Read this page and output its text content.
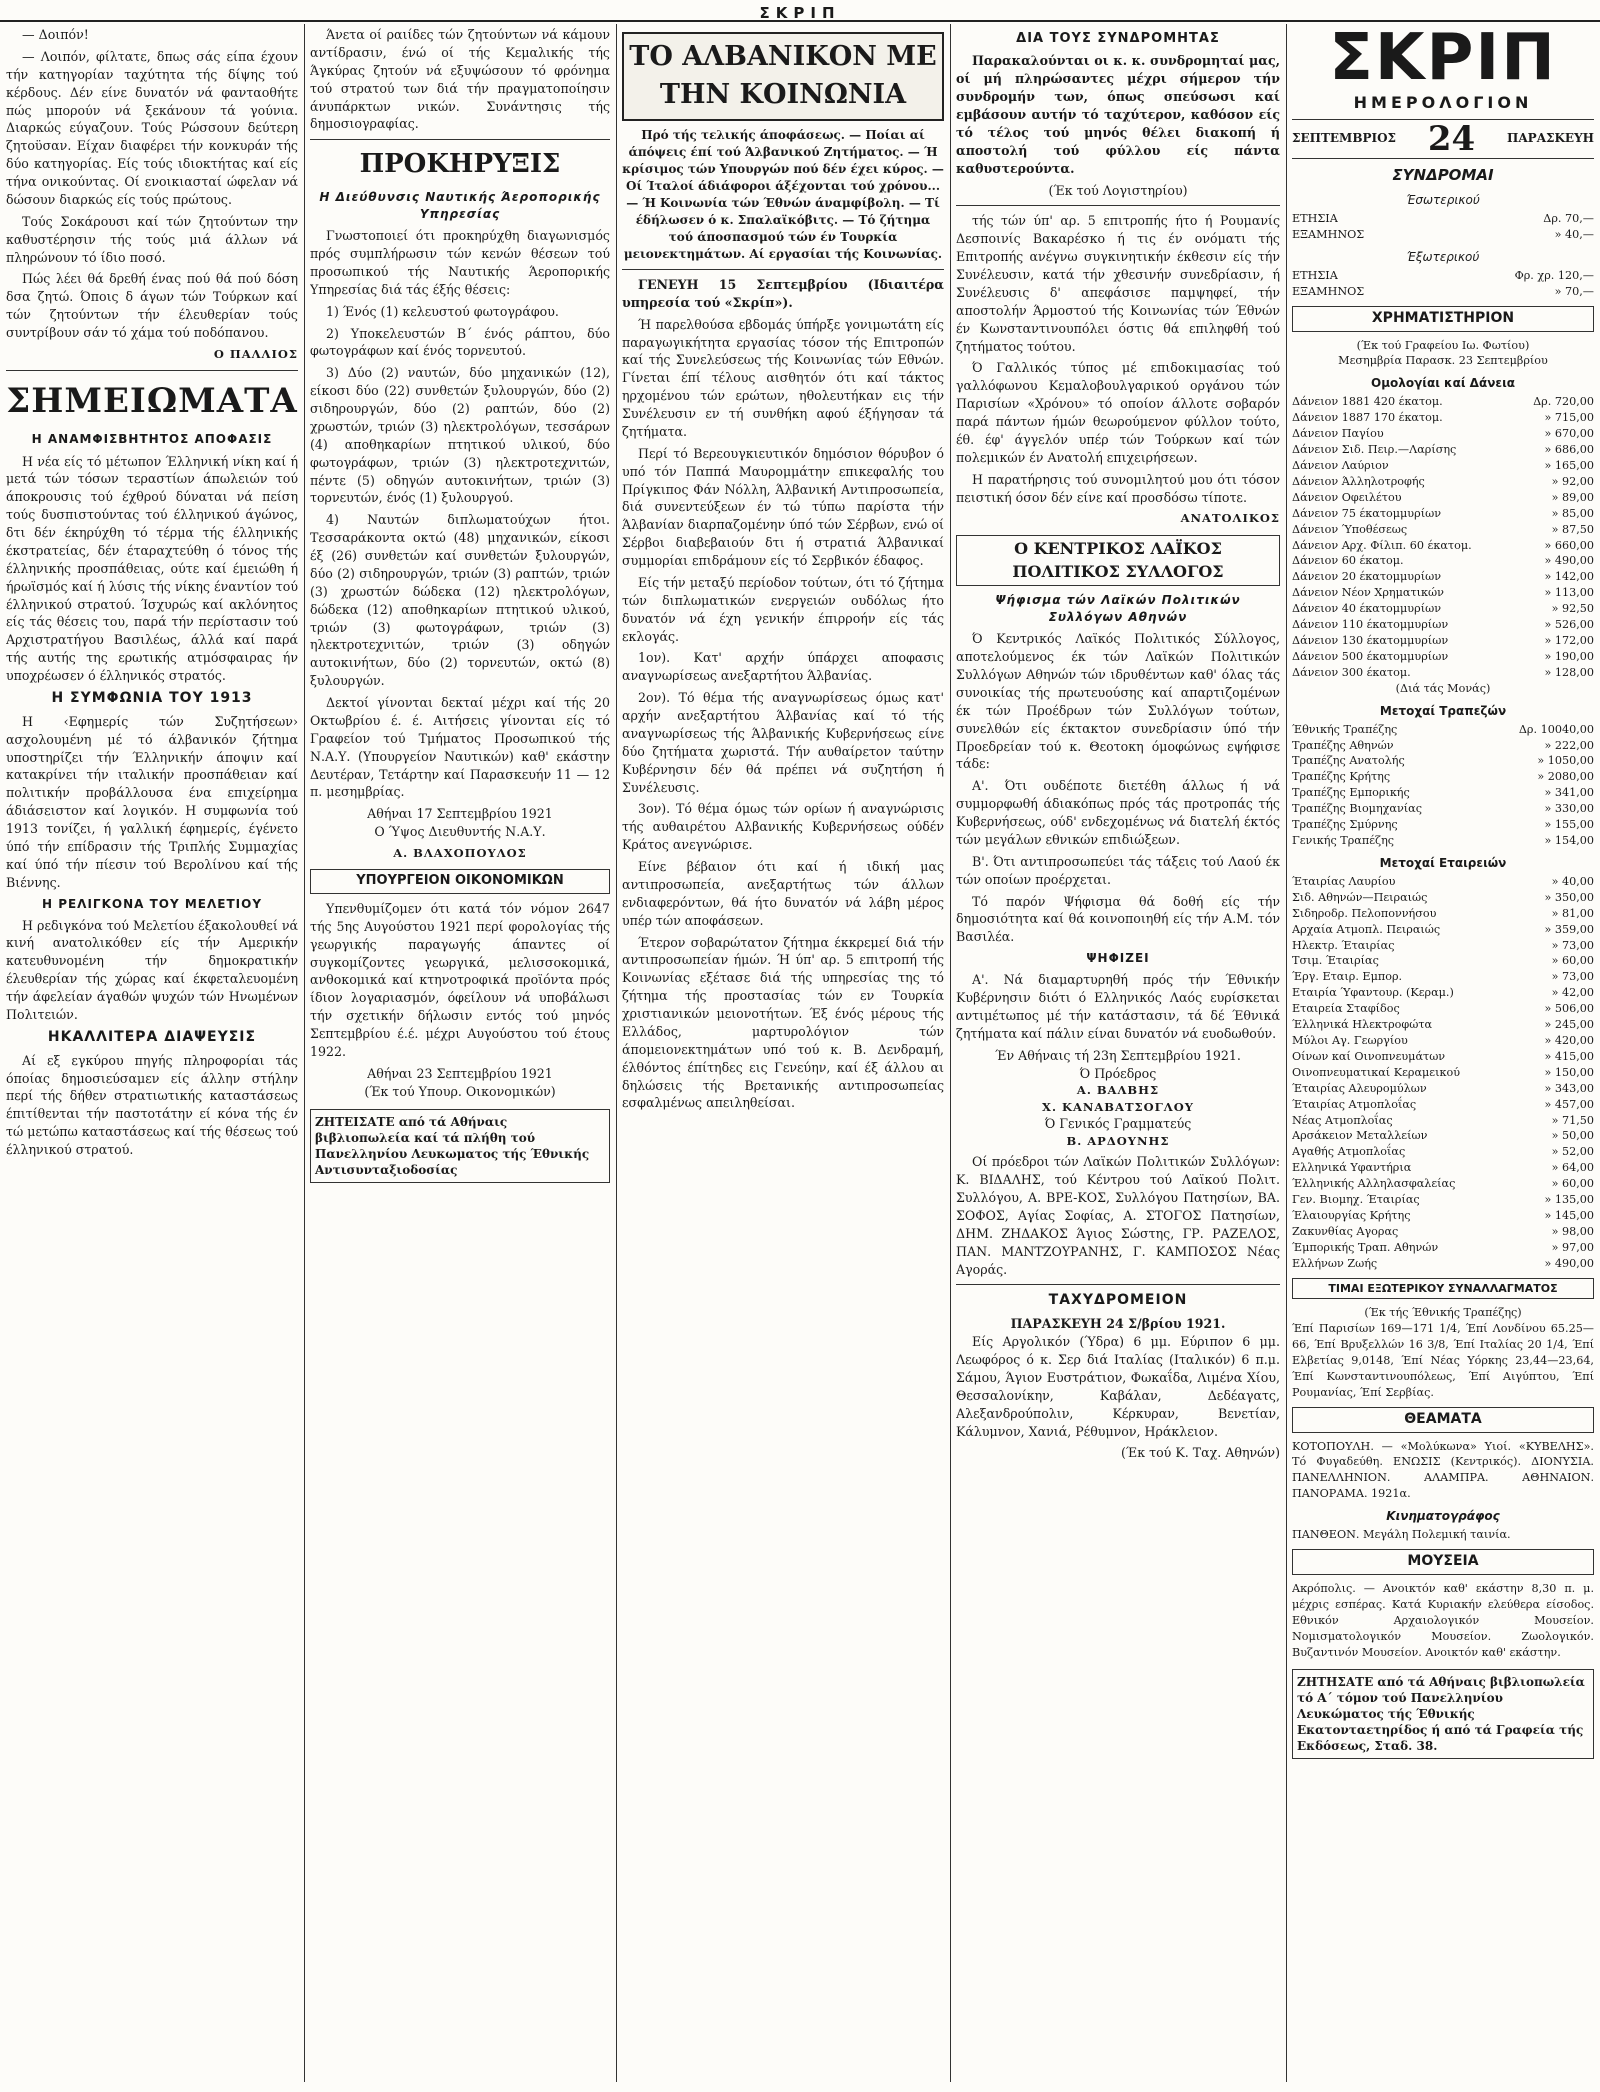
ΣΚΡΙΠ

— Δοιπόν!

— Λοιπόν, φίλτατε, δπως σάς είπα έχουν τήν κατηγορίαν ταχύτητα τής δίψης τού κέρδους. Δέν είνε δυνατόν νά φανταοθήτε πώς μπορούν νά ξεκάνουν τά γούνια. Διαρκώς εύγαζουν. Τούς Ρώσσουν δεύτερη ζητοϋσαν. Είχαν διαφέρει τήν κονκυράν τής δύο κατηγορίας. Είς τούς ιδιοκτήτας καί είς τήνα ονικούντας. Οί ενοικιασταί ώφελαν νά δώσουν διαρκώς είς τούς πρώτους.

Τούς Σοκάρουσι καί τών ζητούντων την καθυστέρησιν τής τούς μιά άλλων νά πληρώνουν τό ίδιο ποσό.

Πώς λέει θά δρεθή ένας πού θά πού δόση δσα ζητώ. Όποις δ άγων τών Τούρκων καί τών ζητούντων τήν έλευθερίαν τούς συντρίβουν σάν τό χάμα τού ποδόπανου.

Ο ΠΑΛΛΙΟΣ
ΣΗΜΕΙΩΜΑΤΑ
Η ΑΝΑΜΦΙΣΒΗΤΗΤΟΣ ΑΠΟΦΑΣΙΣ

Η νέα είς τό μέτωπον Έλληνική νίκη καί ή μετά τών τόσων τεραστίων άπωλειών τού άποκρουσις τού έχθρού δύναται νά πείση τούς δυσπιστούντας τού έλληνικού άγώνος, δτι δέν έκηρύχθη τό τέρμα τής έλληνικής έκστρατείας, δέν έταραχτεύθη ό τόνος τής έλληνικής προσπάθειας, ούτε καί έμειώθη ή ήρωϊσμός καί ή λύσις τής νίκης έναντίον τού έλληνικού στρατού. Ίσχυρώς καί ακλόνητος είς τάς θέσεις του, παρά τήν περίστασιν τού Αρχιστρατήγου Βασιλέως, άλλά καί παρά τής αυτής της ερωτικής ατμόσφαιρας ήν υποχρέωσεν ό έλληνικός στρατός.

Η ΣΥΜΦΩΝΙΑ ΤΟΥ 1913

Η ‹Εφημερίς τών Συζητήσεων› ασχολουμένη μέ τό άλβανικόν ζήτημα υποστηρίζει τήν Έλληνικήν άποψιν καί κατακρίνει τήν ιταλικήν προσπάθειαν καί πολιτικήν προβάλλουσα ένα επιχείρημα άδιάσειστον καί λογικόν. Η συμφωνία τού 1913 τονίζει, ή γαλλική έφημερίς, έγένετο ύπό τήν επίδρασιν τής Τριπλής Συμμαχίας καί ύπό τήν πίεσιν τού Βερολίνου καί τής Βιέννης.

Η ΡΕΛΙΓΚΟΝΑ ΤΟΥ ΜΕΛΕΤΙΟΥ

Η ρεδιγκόνα τού Μελετίου έξακολουθεί νά κινή ανατολικόθεν είς τήν Αμερικήν κατευθυνομένη τήν δημοκρατικήν έλευθερίαν τής χώρας καί έκφεταλευομένη τήν άφελείαν άγαθών ψυχών τών Ηνωμένων Πολιτειών.

ΗΚΑΛΛΙΤΕΡΑ ΔΙΑΨΕΥΣΙΣ

Αί εξ εγκύρου πηγής πληροφορίαι τάς όποίας δημοσιεύσαμεν είς άλλην στήλην περί τής δήθεν στρατιωτικής καταστάσεως έπιτίθενται τήν παστοτάτην εί κόνα τής έν τώ μετώπω καταστάσεως καί τής θέσεως τού έλληνικού στρατού.

Άνετα οί ραιίδες τών ζητούντων νά κάμουν αντίδρασιν, ένώ οί τής Κεμαλικής τής Άγκύρας ζητούν νά εξυψώσουν τό φρόνημα τού στρατού των διά τήν πραγματοποίησιν άνυπάρκτων νικών. Συνάντησις τής δημοσιογραφίας.

ΠΡΟΚΗΡΥΞΙΣ
Η Διεύθυνσις Ναυτικής Άεροπορικής Υπηρεσίας

Γνωστοποιεί ότι προκηρύχθη διαγωνισμός πρός συμπλήρωσιν τών κενών θέσεων τού προσωπικού τής Ναυτικής Άεροπορικής Υπηρεσίας διά τάς έξής θέσεις:

1) Ένός (1) κελευστού φωτογράφου.

2) Υποκελευστών Β΄ ένός ράπτου, δύο φωτογράφων καί ένός τορνευτού.

3) Δύο (2) ναυτών, δύο μηχανικών (12), είκοσι δύο (22) συνθετών ξυλουργών, δύο (2) σιδηρουργών, δύο (2) ραπτών, δύο (2) χρωστών, τριών (3) ηλεκτρολόγων, τεσσάρων (4) αποθηκαρίων πτητικού υλικού, δύο φωτογράφων, τριών (3) ηλεκτροτεχνιτών, πέντε (5) οδηγών αυτοκινήτων, τριών (3) τορνευτών, ένός (1) ξυλουργού.

4) Ναυτών διπλωματούχων ήτοι. Τεσσαράκοντα οκτώ (48) μηχανικών, είκοσι έξ (26) συνθετών καί συνθετών ξυλουργών, δύο (2) σιδηρουργών, τριών (3) ραπτών, τριών (3) χρωστών δώδεκα (12) ηλεκτρολόγων, δώδεκα (12) αποθηκαρίων πτητικού υλικού, τριών (3) φωτογράφων, τριών (3) ηλεκτροτεχνιτών, τριών (3) οδηγών αυτοκινήτων, δύο (2) τορνευτών, οκτώ (8) ξυλουργών.

Δεκτοί γίνονται δεκταί μέχρι καί τής 20 Οκτωβρίου έ. έ. Αιτήσεις γίνονται είς τό Γραφείον τού Τμήματος Προσωπικού τής Ν.Α.Υ. (Υπουργείον Ναυτικών) καθ' εκάστην Δευτέραν, Τετάρτην καί Παρασκευήν 11 — 12 π. μεσημβρίας.

Αθήναι 17 Σεπτεμβρίου 1921
Ο Ύψος Διευθυντής Ν.Α.Υ.
Α. ΒΛΑΧΟΠΟΥΛΟΣ
ΥΠΟΥΡΓΕΙΟΝ ΟΙΚΟΝΟΜΙΚΩΝ

Υπενθυμίζομεν ότι κατά τόν νόμον 2647 τής 5ης Αυγούστου 1921 περί φορολογίας τής γεωργικής παραγωγής άπαντες οί συγκομίζοντες γεωργικά, μελισσοκομικά, ανθοκομικά καί κτηνοτροφικά προϊόντα πρός ίδιον λογαριασμόν, όφείλουν νά υποβάλωσι τήν σχετικήν δήλωσιν εντός τού μηνός Σεπτεμβρίου έ.έ. μέχρι Αυγούστου τού έτους 1922.

Αθήναι 23 Σεπτεμβρίου 1921
(Έκ τού Υπουρ. Οικονομικών)
ΖΗΤΕΙΣΑΤΕ από τά Αθήναις βιβλιοπωλεία καί τά πλήθη τού Πανελληνίου Λευκωματος τής Έθνικής Αντισυνταξιοδοσίας
ΤΟ ΑΛΒΑΝΙΚΟΝ ΜΕ ΤΗΝ ΚΟΙΝΩΝΙΑ

Πρό τής τελικής άποφάσεως. — Ποίαι αί άπόψεις έπί τού Άλβανικού Ζητήματος. — Ή κρίσιμος τών Υπουργών πού δέν έχει κύρος. — Οί Ίταλοί άδιάφοροι άξέχονται τού χρόνου... — Ή Κοινωνία τών Έθνών άναμφίβολη. — Τί έδήλωσεν ό κ. Σπαλαϊκόβιτς. — Τό ζήτημα τού άποσπασμού τών έν Τουρκία μειονεκτημάτων. Αί εργασίαι τής Κοινωνίας.

ΓΕΝΕΥΗ 15 Σεπτεμβρίου (Ιδιαιτέρα υπηρεσία τού «Σκρίπ»).

Ή παρελθούσα εβδομάς ύπήρξε γονιμωτάτη είς παραγωγικήτητα εργασίας τόσον τής Επιτροπών καί τής Συνελεύσεως τής Κοινωνίας τών Εθνών. Γίνεται έπί τέλους αισθητόν ότι καί τάκτος ηρχομένου τών ερώτων, ηθολευτήκαν εις τήν Συνέλευσιν εν τή συνθήκη αφού έξήγησαν τά ζητήματα.

Περί τό Βερεουγκιευτικόν δημόσιον θόρυβον ό υπό τόν Παππά Μαυρομμάτην επικεφαλής του Πρίγκιπος Φάν Νόλλη, Άλβανική Αντιπροσωπεία, διά συνεντεύξεων έν τώ τύπω παρίστα τήν Άλβανίαν διαρπαζομένην ύπό τών Σέρβων, ενώ οί Σέρβοι διαβεβαιούν δτι ή στρατιά Άλβανικαί συμμορίαι επιδράμουν είς τό Σερβικόν έδαφος.

Είς τήν μεταξύ περίοδον τούτων, ότι τό ζήτημα τών διπλωματικών ενεργειών ουδόλως ήτο δυνατόν νά έχη γενικήν έπιρροήν είς τάς εκλογάς.

1ον). Κατ' αρχήν ύπάρχει αποφασις αναγνωρίσεως ανεξαρτήτου Άλβανίας.

2ον). Τό θέμα τής αναγνωρίσεως όμως κατ' αρχήν ανεξαρτήτου Άλβανίας καί τό τής αναγνωρίσεως τής Άλβανικής Κυβερνήσεως είνε δύο ζητήματα χωριστά. Τήν αυθαίρετον ταύτην Κυβέρνησιν δέν θά πρέπει νά συζητήση ή Συνέλευσις.

3ον). Τό θέμα όμως τών ορίων ή αναγνώρισις τής αυθαιρέτου Αλβανικής Κυβερνήσεως ούδέν Κράτος ανεγνώρισε.

Είνε βέβαιον ότι καί ή ιδική μας αντιπροσωπεία, ανεξαρτήτως τών άλλων ενδιαφερόντων, θά ήτο δυνατόν νά λάβη μέρος υπέρ τών αποφάσεων.

Έτερον σοβαρώτατον ζήτημα έκκρεμεί διά τήν αντιπροσωπείαν ήμών. Ή ύπ' αρ. 5 επιτροπή τής Κοινωνίας εξέτασε διά τής υπηρεσίας της τό ζήτημα τής προστασίας τών εν Τουρκία χριστιανικών μειονοτήτων. Έξ ένός μέρους τής Ελλάδος, μαρτυρολόγιον τών άπομειονεκτημάτων υπό τού κ. Β. Δενδραμή, έλθόντος έπίτηδες εις Γενεύην, καί έξ άλλου αι δηλώσεις τής Βρετανικής αντιπροσωπείας εσφαλμένως απειληθείσαι.

ΔΙΑ ΤΟΥΣ ΣΥΝΔΡΟΜΗΤΑΣ

Παρακαλούνται οι κ. κ. συνδρομηταί μας, οί μή πληρώσαντες μέχρι σήμερον τήν συνδρομήν των, όπως σπεύσωσι καί εμβάσουν αυτήν τό ταχύτερον, καθόσον είς τό τέλος τού μηνός θέλει διακοπή ή αποστολή τού φύλλου είς πάντα καθυστερούντα.

(Έκ τού Λογιστηρίου)

τής τών ύπ' αρ. 5 επιτροπής ήτο ή Ρουμανίς Δεσποινίς Βακαρέσκο ή τις έν ονόματι τής Επιτροπής ανέγνω συγκινητικήν έκθεσιν είς τήν Συνέλευσιν, κατά τήν χθεσινήν συνεδρίασιν, ή Συνέλευσις δ' απεφάσισε παμψηφεί, τήν αποστολήν Άρμοστού τής Κοινωνίας τών Έθνών έν Κωνσταντινουπόλει όστις θά επιληφθή τού ζητήματος τούτου.

Ό Γαλλικός τύπος μέ επιδοκιμασίας τού γαλλόφωνου Κεμαλοβουλγαρικού οργάνου τών Παρισίων «Χρόνου» τό οποίον άλλοτε σοβαρόν παρά πάντων ήμών θεωρούμενον φύλλον τούτο, έθ. έφ' άγγελόν υπέρ τών Τούρκων καί τών πολεμικών έν Ανατολή επιχειρήσεων.

Η παρατήρησις τού συνομιλητού μου ότι τόσον πειστική όσον δέν είνε καί προσδόσω τίποτε.

ΑΝΑΤΟΛΙΚΟΣ
Ο ΚΕΝΤΡΙΚΟΣ ΛΑΪΚΟΣ
ΠΟΛΙΤΙΚΟΣ ΣΥΛΛΟΓΟΣ
Ψήφισμα τών Λαϊκών Πολιτικών Συλλόγων Αθηνών

Ό Κεντρικός Λαϊκός Πολιτικός Σύλλογος, αποτελούμενος έκ τών Λαϊκών Πολιτικών Συλλόγων Αθηνών τών ιδρυθέντων καθ' όλας τάς συνοικίας τής πρωτευούσης καί απαρτιζομένων έκ τών Προέδρων τών Συλλόγων τούτων, συνελθών είς έκτακτον συνεδρίασιν ύπό τήν Προεδρείαν τού κ. Θεοτοκη όμοφώνως εψήφισε τάδε:

Α'. Ότι ουδέποτε διετέθη άλλως ή νά συμμορφωθή άδιακόπως πρός τάς προτροπάς τής Κυβερνήσεως, ούδ' ενδεχομένως νά διατελή έκτός τών μεγάλων εθνικών επιδιώξεων.

Β'. Ότι αντιπροσωπεύει τάς τάξεις τού Λαού έκ τών οποίων προέρχεται.

Τό παρόν Ψήφισμα θά δοθή είς τήν δημοσιότητα καί θά κοινοποιηθή είς τήν Α.Μ. τόν Βασιλέα.

ΨΗΦΙΖΕΙ

Α'. Νά διαμαρτυρηθή πρός τήν Έθνικήν Κυβέρνησιν διότι ό Ελληνικός Λαός ευρίσκεται αντιμέτωπος μέ τήν κατάστασιν, τά δέ Έθνικά ζητήματα καί πάλιν είναι δυνατόν νά ευοδωθούν.

Έν Αθήναις τή 23η Σεπτεμβρίου 1921.
Ό Πρόεδρος
Α. ΒΑΛΒΗΣ
Χ. ΚΑΝΑΒΑΤΣΟΓΛΟΥ
Ό Γενικός Γραμματεύς
Β. ΑΡΔΟΥΝΗΣ

Οί πρόεδροι τών Λαϊκών Πολιτικών Συλλόγων: Κ. ΒΙΔΑΛΗΣ, τού Κέντρου τού Λαϊκού Πολιτ. Συλλόγου, Α. ΒΡΕ-ΚΟΣ, Συλλόγου Πατησίων, ΒΑ. ΣΟΦΟΣ, Αγίας Σοφίας, Α. ΣΤΟΓΟΣ Πατησίων, ΔΗΜ. ΖΗΔΑΚΟΣ Άγιος Σώστης, ΓΡ. ΡΑΖΕΛΟΣ, ΠΑΝ. ΜΑΝΤΖΟΥΡΑΝΗΣ, Γ. ΚΑΜΠΟΣΟΣ Νέας Αγοράς.

ΤΑΧΥΔΡΟΜΕΙΟΝ
ΠΑΡΑΣΚΕΥΗ 24 Σ/βρίου 1921.

Είς Αργολικόν (Ύδρα) 6 μμ. Εύριπον 6 μμ. Λεωφόρος ό κ. Σερ διά Ιταλίας (Ιταλικόν) 6 π.μ. Σάμου, Άγιον Ευστράτιον, Φωκαΐδα, Λιμένα Χίου, Θεσσαλονίκην, Καβάλαν, Δεδέαγατς, Αλεξανδρούπολιν, Κέρκυραν, Βενετίαν, Κάλυμνον, Χανιά, Ρέθυμνον, Ηράκλειον.

(Έκ τού Κ. Ταχ. Αθηνών)
ΣΚΡΙΠ
ΗΜΕΡΟΛΟΓΙΟΝ
ΣΕΠΤΕΜΒΡΙΟΣ 24	ΠΑΡΑΣΚΕΥΗ
ΣΥΝΔΡΟΜΑΙ
Έσωτερικού
ΕΤΗΣΙΑ	Δρ. 70,—
ΕΞΑΜΗΝΟΣ	» 40,—
Έξωτερικού
ΕΤΗΣΙΑ	Φρ. χρ. 120,—
ΕΞΑΜΗΝΟΣ	» 70,—
ΧΡΗΜΑΤΙΣΤΗΡΙΟΝ
(Έκ τού Γραφείου Ιω. Φωτίου)
Μεσημβρία Παρασκ. 23 Σεπτεμβρίου
Ομολογίαι καί Δάνεια
Δάνειον 1881 420 έκατομ.	Δρ. 720,00
Δάνειον 1887 170 έκατομ.	» 715,00
Δάνειον Παγίου	» 670,00
Δάνειον Σιδ. Πειρ.—Λαρίσης	» 686,00
Δάνειον Λαύριον	» 165,00
Δάνειον Άλληλοτροφής	» 92,00
Δάνειον Οφειλέτου	» 89,00
Δάνειον 75 έκατομμυρίων	» 85,00
Δάνειον Ύποθέσεως	» 87,50
Δάνειον Αρχ. Φίλιπ. 60 έκατομ.	» 660,00
Δάνειον 60 έκατομ.	» 490,00
Δάνειον 20 έκατομμυρίων	» 142,00
Δάνειον Νέον Χρηματικών	» 113,00
Δάνειον 40 έκατομμυρίων	» 92,50
Δάνειον 110 έκατομμυρίων	» 526,00
Δάνειον 130 έκατομμυρίων	» 172,00
Δάνειον 500 έκατομμυρίων	» 190,00
Δάνειον 300 έκατομ.	» 128,00
(Διά τάς Μονάς)
Μετοχαί Τραπεζών
Έθνικής Τραπέζης	Δρ. 10040,00
Τραπέζης Αθηνών	» 222,00
Τραπέζης Ανατολής	» 1050,00
Τραπέζης Κρήτης	» 2080,00
Τραπέζης Εμπορικής	» 341,00
Τραπέζης Βιομηχανίας	» 330,00
Τραπέζης Σμύρνης	» 155,00
Γενικής Τραπέζης	» 154,00
Μετοχαί Εταιρειών
Έταιρίας Λαυρίου	» 40,00
Σιδ. Αθηνών—Πειραιώς	» 350,00
Σιδηροδρ. Πελοποννήσου	» 81,00
Αρχαία Ατμοπλ. Πειραιώς	» 359,00
Ηλεκτρ. Έταιρίας	» 73,00
Τσιμ. Έταιρίας	» 60,00
Έργ. Εταιρ. Εμπορ.	» 73,00
Εταιρία Ύφαντουρ. (Κεραμ.)	» 42,00
Εταιρεία Σταφίδος	» 506,00
Έλληνικά Ηλεκτροφώτα	» 245,00
Μύλοι Αγ. Γεωργίου	» 420,00
Οίνων καί Οινοπνευμάτων	» 415,00
Οινοπνευματικαί Κεραμεικού	» 150,00
Έταιρίας Αλευρομύλων	» 343,00
Έταιρίας Ατμοπλοΐας	» 457,00
Νέας Ατμοπλοΐας	» 71,50
Αρσάκειον Μεταλλείων	» 50,00
Αγαθής Ατμοπλοΐας	» 52,00
Ελληνικά Υφαντήρια	» 64,00
Έλληνικής Αλληλασφαλείας	» 60,00
Γεν. Βιομηχ. Έταιρίας	» 135,00
Έλαιουργίας Κρήτης	» 145,00
Ζακυνθίας Αγορας	» 98,00
Έμπορικής Τραπ. Αθηνών	» 97,00
Ελλήνων Ζωής	» 490,00
ΤΙΜΑΙ ΕΞΩΤΕΡΙΚΟΥ ΣΥΝΑΛΛΑΓΜΑΤΟΣ
(Έκ τής Έθνικής Τραπέζης)
Έπί Παρισίων 169—171 1/4, Έπί Λονδίνου 65.25—66, Έπί Βρυξελλών 16 3/8, Έπί Ιταλίας 20 1/4, Έπί Ελβετίας 9,0148, Έπί Νέας Υόρκης 23,44—23,64, Έπί Κωνσταντινουπόλεως, Έπί Αιγύπτου, Έπί Ρουμανίας, Έπί Σερβίας.
ΘΕΑΜΑΤΑ
ΚΟΤΟΠΟΥΛΗ. — «Μολύκωνα» Υιοί. «ΚΥΒΕΛΗΣ». Τό Φυγαδεύθη. ΕΝΩΣΙΣ (Κεντρικός). ΔΙΟΝΥΣΙΑ. ΠΑΝΕΛΛΗΝΙΟΝ. ΑΛΑΜΠΡΑ. ΑΘΗΝΑΙΟΝ. ΠΑΝΟΡΑΜΑ. 1921α.
Κινηματογράφος
ΠΑΝΘΕΟΝ. Μεγάλη Πολεμική ταινία.
ΜΟΥΣΕΙΑ
Ακρόπολις. — Ανοικτόν καθ' εκάστην 8,30 π. μ. μέχρις εσπέρας. Κατά Κυριακήν ελεύθερα είσοδος. Εθνικόν Αρχαιολογικόν Μουσείον. Νομισματολογικόν Μουσείον. Ζωολογικόν. Βυζαντινόν Μουσείον. Ανοικτόν καθ' εκάστην.
ΖΗΤΗΣΑΤΕ από τά Αθήναις βιβλιοπωλεία τό Α΄ τόμον τού Πανελληνίου Λευκώματος τής Έθνικής Εκατονταετηρίδος ή από τά Γραφεία τής Εκδόσεως, Σταδ. 38.
